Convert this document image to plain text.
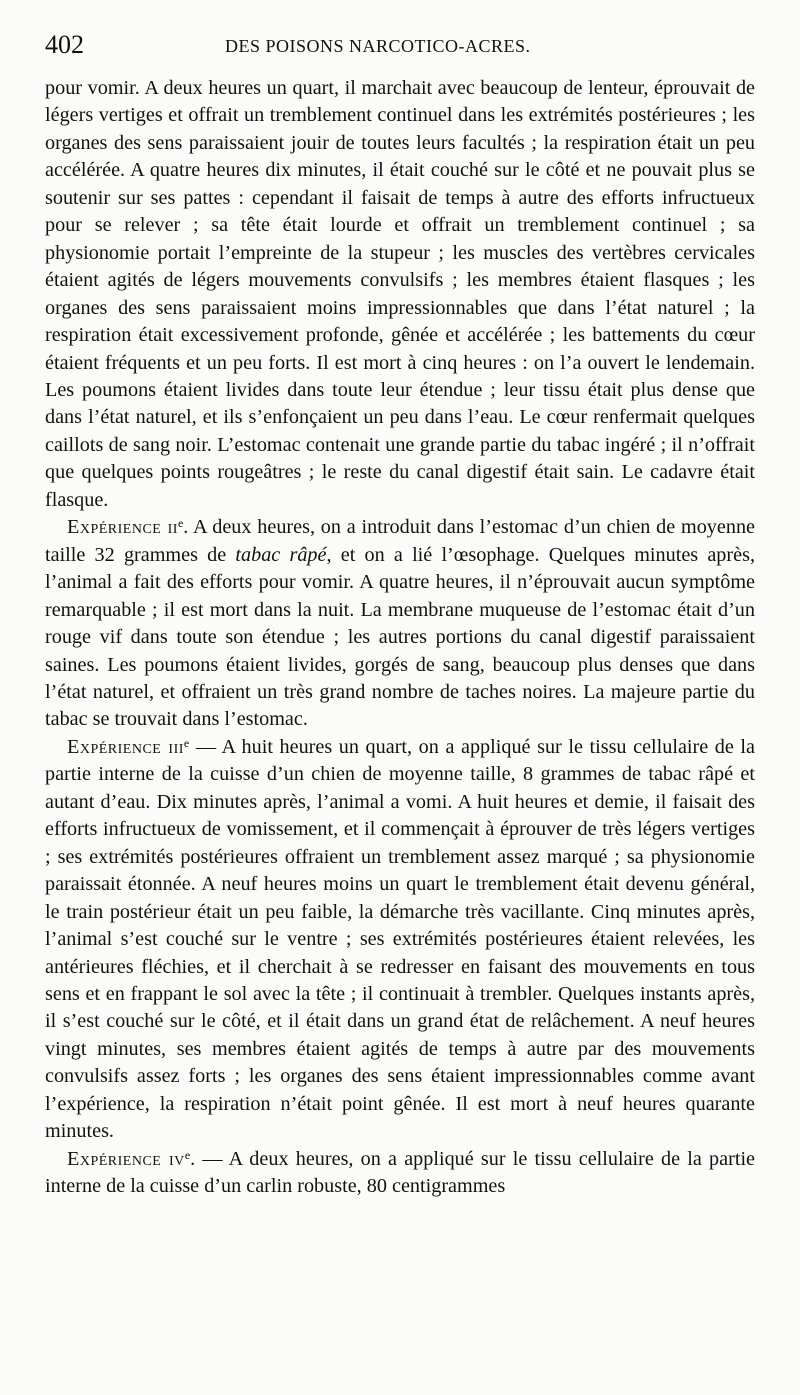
402	DES POISONS NARCOTICO-ACRES.

pour vomir. A deux heures un quart, il marchait avec beaucoup de lenteur, éprouvait de légers vertiges et offrait un tremblement continuel dans les extrémités postérieures ; les organes des sens paraissaient jouir de toutes leurs facultés ; la respiration était un peu accélérée. A quatre heures dix minutes, il était couché sur le côté et ne pouvait plus se soutenir sur ses pattes : cependant il faisait de temps à autre des efforts infructueux pour se relever ; sa tête était lourde et offrait un tremblement continuel ; sa physionomie portait l’empreinte de la stupeur ; les muscles des vertèbres cervicales étaient agités de légers mouvements convulsifs ; les membres étaient flasques ; les organes des sens paraissaient moins impressionnables que dans l’état naturel ; la respiration était excessivement profonde, gênée et accélérée ; les battements du cœur étaient fréquents et un peu forts. Il est mort à cinq heures : on l’a ouvert le lendemain. Les poumons étaient livides dans toute leur étendue ; leur tissu était plus dense que dans l’état naturel, et ils s’enfonçaient un peu dans l’eau. Le cœur renfermait quelques caillots de sang noir. L’estomac contenait une grande partie du tabac ingéré ; il n’offrait que quelques points rougeâtres ; le reste du canal digestif était sain. Le cadavre était flasque.

Expérience $ii^e$. A deux heures, on a introduit dans l’estomac d’un chien de moyenne taille 32 grammes de tabac râpé, et on a lié l’œsophage. Quelques minutes après, l’animal a fait des efforts pour vomir. A quatre heures, il n’éprouvait aucun symptôme remarquable ; il est mort dans la nuit. La membrane muqueuse de l’estomac était d’un rouge vif dans toute son étendue ; les autres portions du canal digestif paraissaient saines. Les poumons étaient livides, gorgés de sang, beaucoup plus denses que dans l’état naturel, et offraient un très grand nombre de taches noires. La majeure partie du tabac se trouvait dans l’estomac.

Expérience iii$^e$ — A huit heures un quart, on a appliqué sur le tissu cellulaire de la partie interne de la cuisse d’un chien de moyenne taille, 8 grammes de tabac râpé et autant d’eau. Dix minutes après, l’animal a vomi. A huit heures et demie, il faisait des efforts infructueux de vomissement, et il commençait à éprouver de très légers vertiges ; ses extrémités postérieures offraient un tremblement assez marqué ; sa physionomie paraissait étonnée. A neuf heures moins un quart le tremblement était devenu général, le train postérieur était un peu faible, la démarche très vacillante. Cinq minutes après, l’animal s’est couché sur le ventre ; ses extrémités postérieures étaient relevées, les antérieures fléchies, et il cherchait à se redresser en faisant des mouvements en tous sens et en frappant le sol avec la tête ; il continuait à trembler. Quelques instants après, il s’est couché sur le côté, et il était dans un grand état de relâchement. A neuf heures vingt minutes, ses membres étaient agités de temps à autre par des mouvements convulsifs assez forts ; les organes des sens étaient impressionnables comme avant l’expérience, la respiration n’était point gênée. Il est mort à neuf heures quarante minutes.

Expérience $iv^e$. — A deux heures, on a appliqué sur le tissu cellulaire de la partie interne de la cuisse d’un carlin robuste, 80 centigrammes
